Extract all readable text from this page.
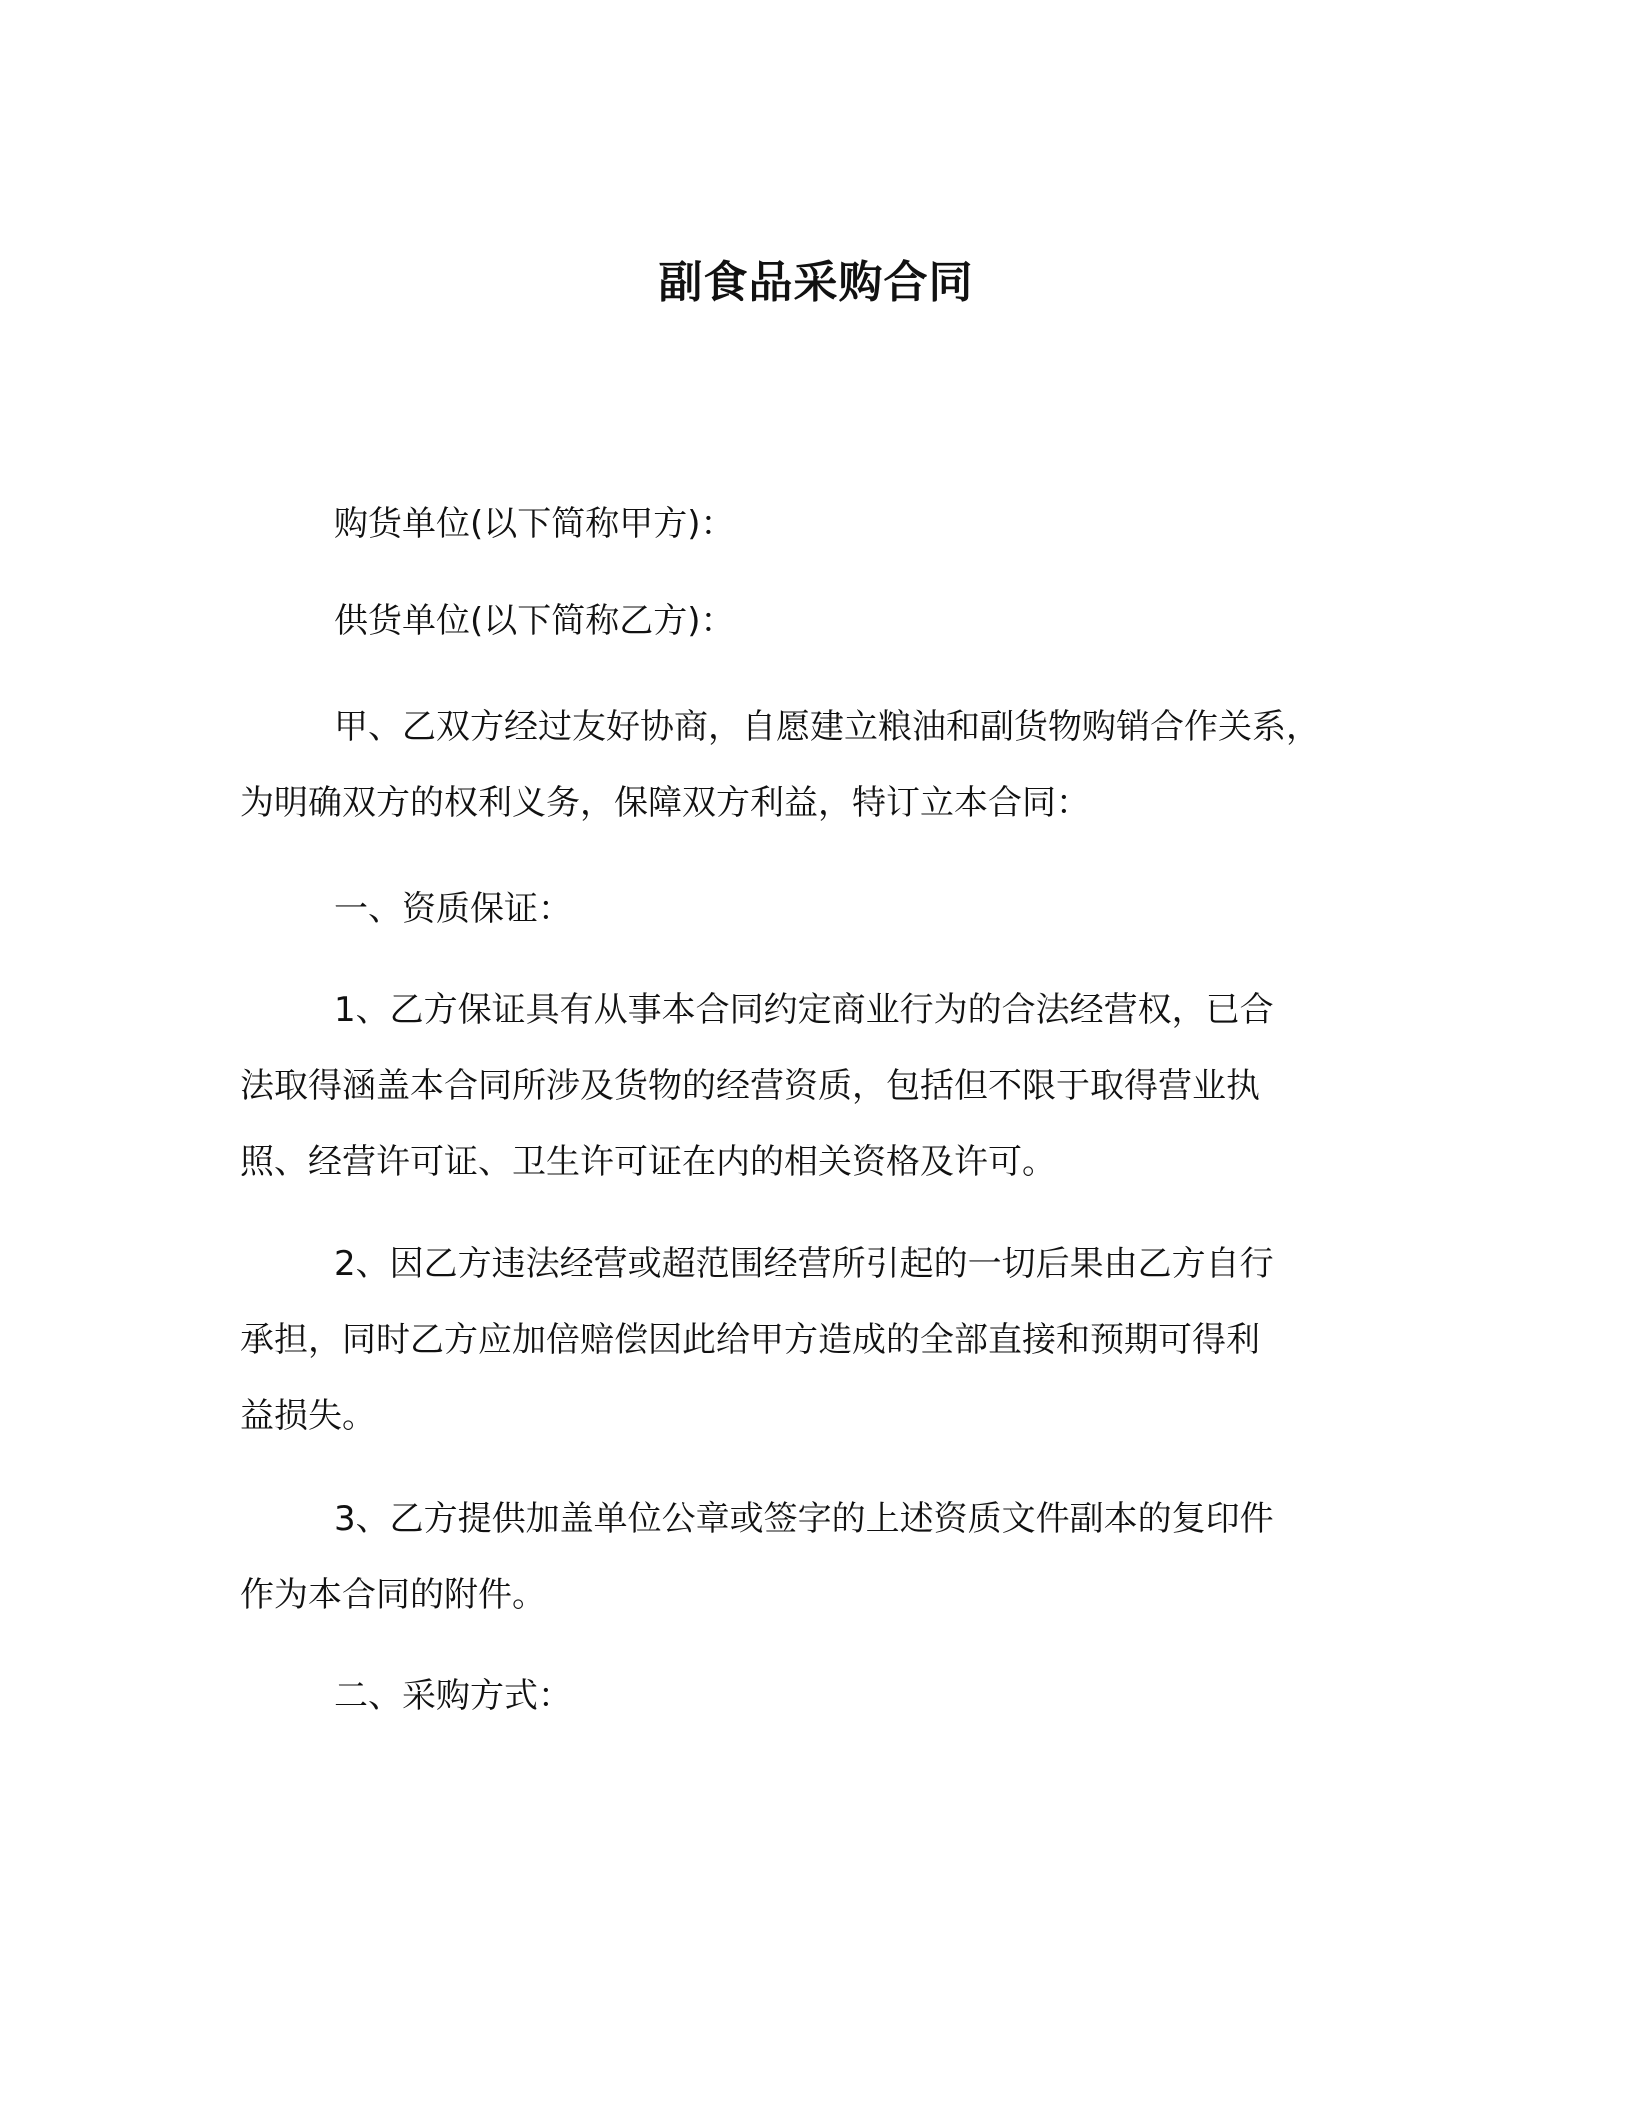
副食品采购合同

购货单位(以下简称甲方)：

供货单位(以下简称乙方)：

甲、乙双方经过友好协商，自愿建立粮油和副货物购销合作关系，
为明确双方的权利义务，保障双方利益，特订立本合同：

一、资质保证：

1、乙方保证具有从事本合同约定商业行为的合法经营权，已合
法取得涵盖本合同所涉及货物的经营资质，包括但不限于取得营业执
照、经营许可证、卫生许可证在内的相关资格及许可。

2、因乙方违法经营或超范围经营所引起的一切后果由乙方自行
承担，同时乙方应加倍赔偿因此给甲方造成的全部直接和预期可得利
益损失。

3、乙方提供加盖单位公章或签字的上述资质文件副本的复印件
作为本合同的附件。

二、采购方式：
